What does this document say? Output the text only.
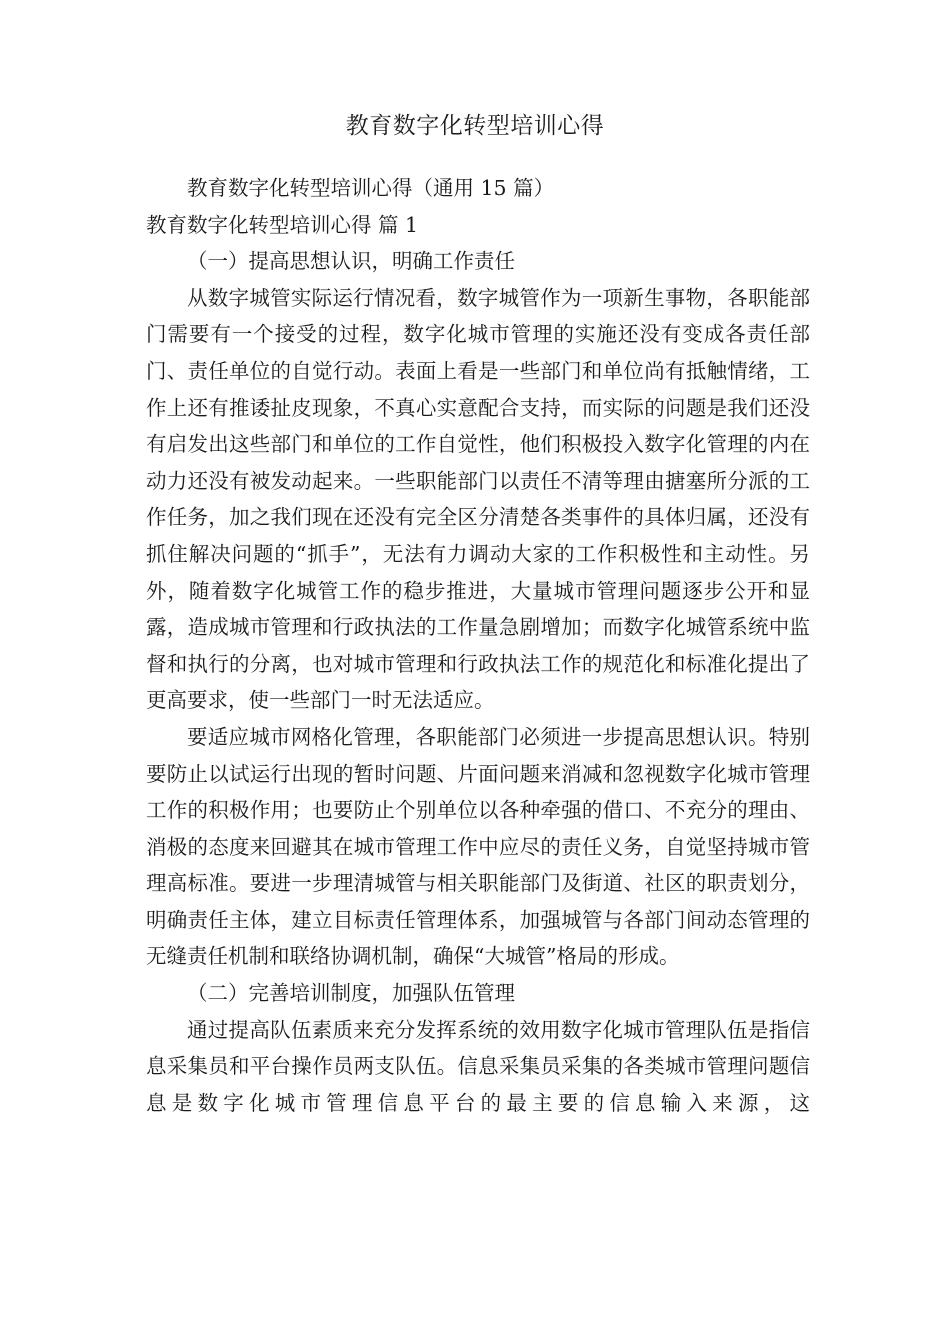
教育数字化转型培训心得

教育数字化转型培训心得（通用 15 篇）

教育数字化转型培训心得 篇 1

（一）提高思想认识，明确工作责任

从数字城管实际运行情况看，数字城管作为一项新生事物，各职能部门需要有一个接受的过程，数字化城市管理的实施还没有变成各责任部门、责任单位的自觉行动。表面上看是一些部门和单位尚有抵触情绪，工作上还有推诿扯皮现象，不真心实意配合支持，而实际的问题是我们还没有启发出这些部门和单位的工作自觉性，他们积极投入数字化管理的内在动力还没有被发动起来。一些职能部门以责任不清等理由搪塞所分派的工作任务，加之我们现在还没有完全区分清楚各类事件的具体归属，还没有抓住解决问题的“抓手”，无法有力调动大家的工作积极性和主动性。另外，随着数字化城管工作的稳步推进，大量城市管理问题逐步公开和显露，造成城市管理和行政执法的工作量急剧增加；而数字化城管系统中监督和执行的分离，也对城市管理和行政执法工作的规范化和标准化提出了更高要求，使一些部门一时无法适应。

要适应城市网格化管理，各职能部门必须进一步提高思想认识。特别要防止以试运行出现的暂时问题、片面问题来消减和忽视数字化城市管理工作的积极作用；也要防止个别单位以各种牵强的借口、不充分的理由、消极的态度来回避其在城市管理工作中应尽的责任义务，自觉坚持城市管理高标准。要进一步理清城管与相关职能部门及街道、社区的职责划分，明确责任主体，建立目标责任管理体系，加强城管与各部门间动态管理的无缝责任机制和联络协调机制，确保“大城管”格局的形成。

（二）完善培训制度，加强队伍管理

通过提高队伍素质来充分发挥系统的效用数字化城市管理队伍是指信息采集员和平台操作员两支队伍。信息采集员采集的各类城市管理问题信息是数字化城市管理信息平台的最主要的信息输入来源，这
